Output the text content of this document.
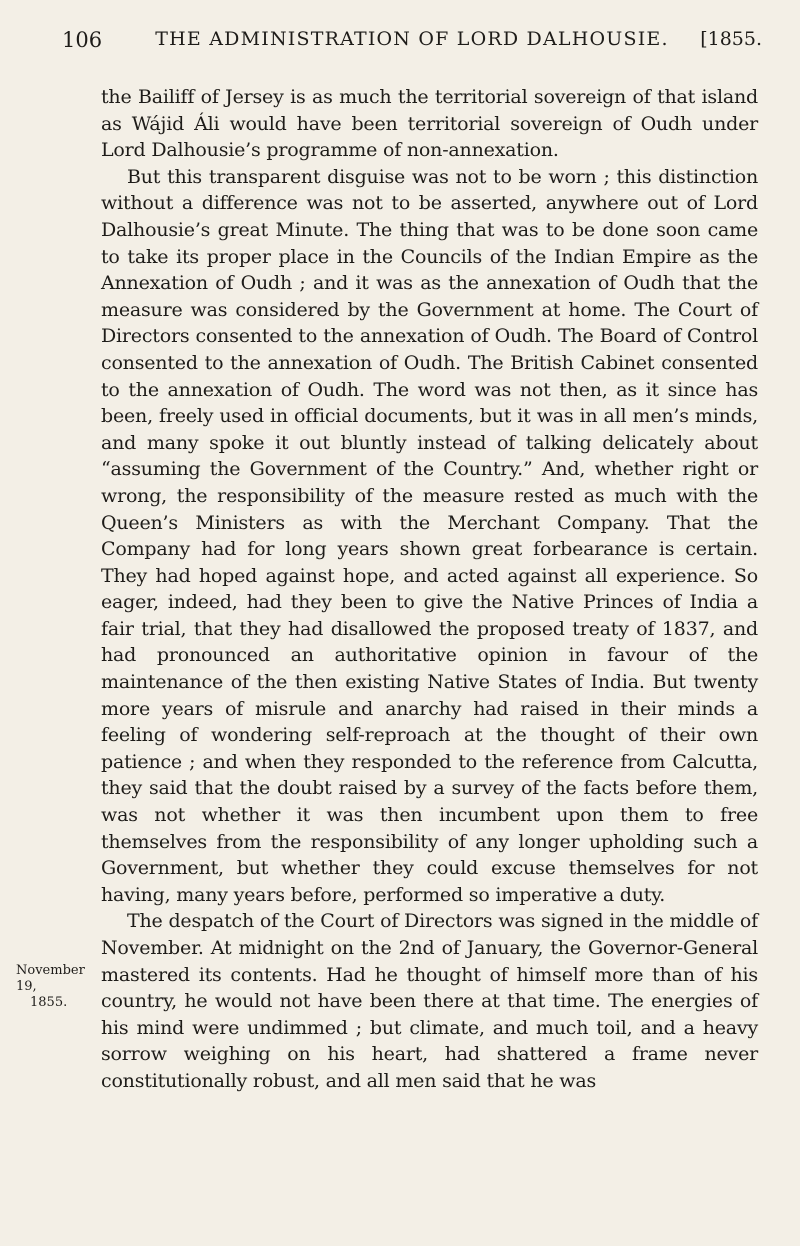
106	THE ADMINISTRATION OF LORD DALHOUSIE.	[1855.

the Bailiff of Jersey is as much the territorial sovereign of that island as Wájid Áli would have been territorial sovereign of Oudh under Lord Dalhousie’s programme of non-annexation.

But this transparent disguise was not to be worn ; this distinction without a difference was not to be asserted, anywhere out of Lord Dalhousie’s great Minute. The thing that was to be done soon came to take its proper place in the Councils of the Indian Empire as the Annexation of Oudh ; and it was as the annexation of Oudh that the measure was considered by the Government at home. The Court of Directors consented to the annexation of Oudh. The Board of Control consented to the annexation of Oudh. The British Cabinet consented to the annexation of Oudh. The word was not then, as it since has been, freely used in official documents, but it was in all men’s minds, and many spoke it out bluntly instead of talking delicately about “assuming the Government of the Country.” And, whether right or wrong, the responsibility of the measure rested as much with the Queen’s Ministers as with the Merchant Company. That the Company had for long years shown great forbearance is certain. They had hoped against hope, and acted against all experience. So eager, indeed, had they been to give the Native Princes of India a fair trial, that they had disallowed the proposed treaty of 1837, and had pronounced an authoritative opinion in favour of the maintenance of the then existing Native States of India. But twenty more years of misrule and anarchy had raised in their minds a feeling of wondering self-reproach at the thought of their own patience ; and when they responded to the reference from Calcutta, they said that the doubt raised by a survey of the facts before them, was not whether it was then incumbent upon them to free themselves from the responsibility of any longer upholding such a Government, but whether they could excuse themselves for not having, many years before, performed so imperative a duty.

The despatch of the Court of Directors was signed in the middle of November. At midnight on the 2nd of January, the Governor-General mastered its contents. Had he thought of himself more than of his country, he would not have been there at that time. The energies of his mind were undimmed ; but climate, and much toil, and a heavy sorrow weighing on his heart, had shattered a frame never constitutionally robust, and all men said that he was

November 19,
1855.
